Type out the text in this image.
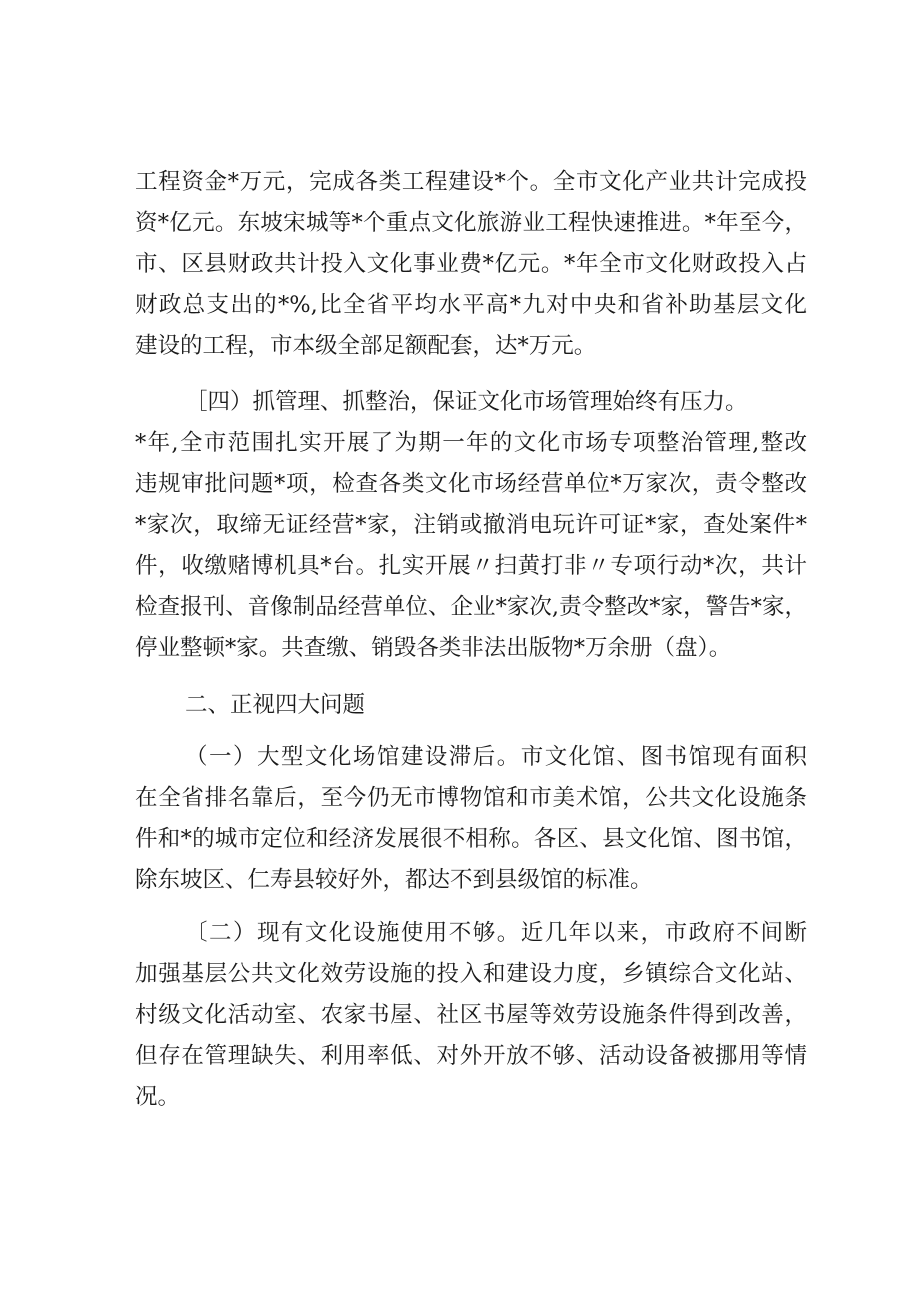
工程资金*万元，完成各类工程建设*个。全市文化产业共计完成投
资*亿元。东坡宋城等*个重点文化旅游业工程快速推进。*年至今，
市、区县财政共计投入文化事业费*亿元。*年全市文化财政投入占
财政总支出的*%,比全省平均水平高*九对中央和省补助基层文化
建设的工程，市本级全部足额配套，达*万元。
［四）抓管理、抓整治，保证文化市场管理始终有压力。
*年,全市范围扎实开展了为期一年的文化市场专项整治管理,整改
违规审批问题*项，检查各类文化市场经营单位*万家次，责令整改
*家次，取缔无证经营*家，注销或撤消电玩许可证*家，查处案件*
件，收缴赌博机具*台。扎实开展〃扫黄打非〃专项行动*次，共计
检查报刊、音像制品经营单位、企业*家次,责令整改*家，警告*家，
停业整顿*家。共查缴、销毁各类非法出版物*万余册（盘）。
二、正视四大问题
（一）大型文化场馆建设滞后。市文化馆、图书馆现有面积
在全省排名靠后，至今仍无市博物馆和市美术馆，公共文化设施条
件和*的城市定位和经济发展很不相称。各区、县文化馆、图书馆，
除东坡区、仁寿县较好外，都达不到县级馆的标准。
〔二）现有文化设施使用不够。近几年以来，市政府不间断
加强基层公共文化效劳设施的投入和建设力度，乡镇综合文化站、
村级文化活动室、农家书屋、社区书屋等效劳设施条件得到改善，
但存在管理缺失、利用率低、对外开放不够、活动设备被挪用等情
况。
